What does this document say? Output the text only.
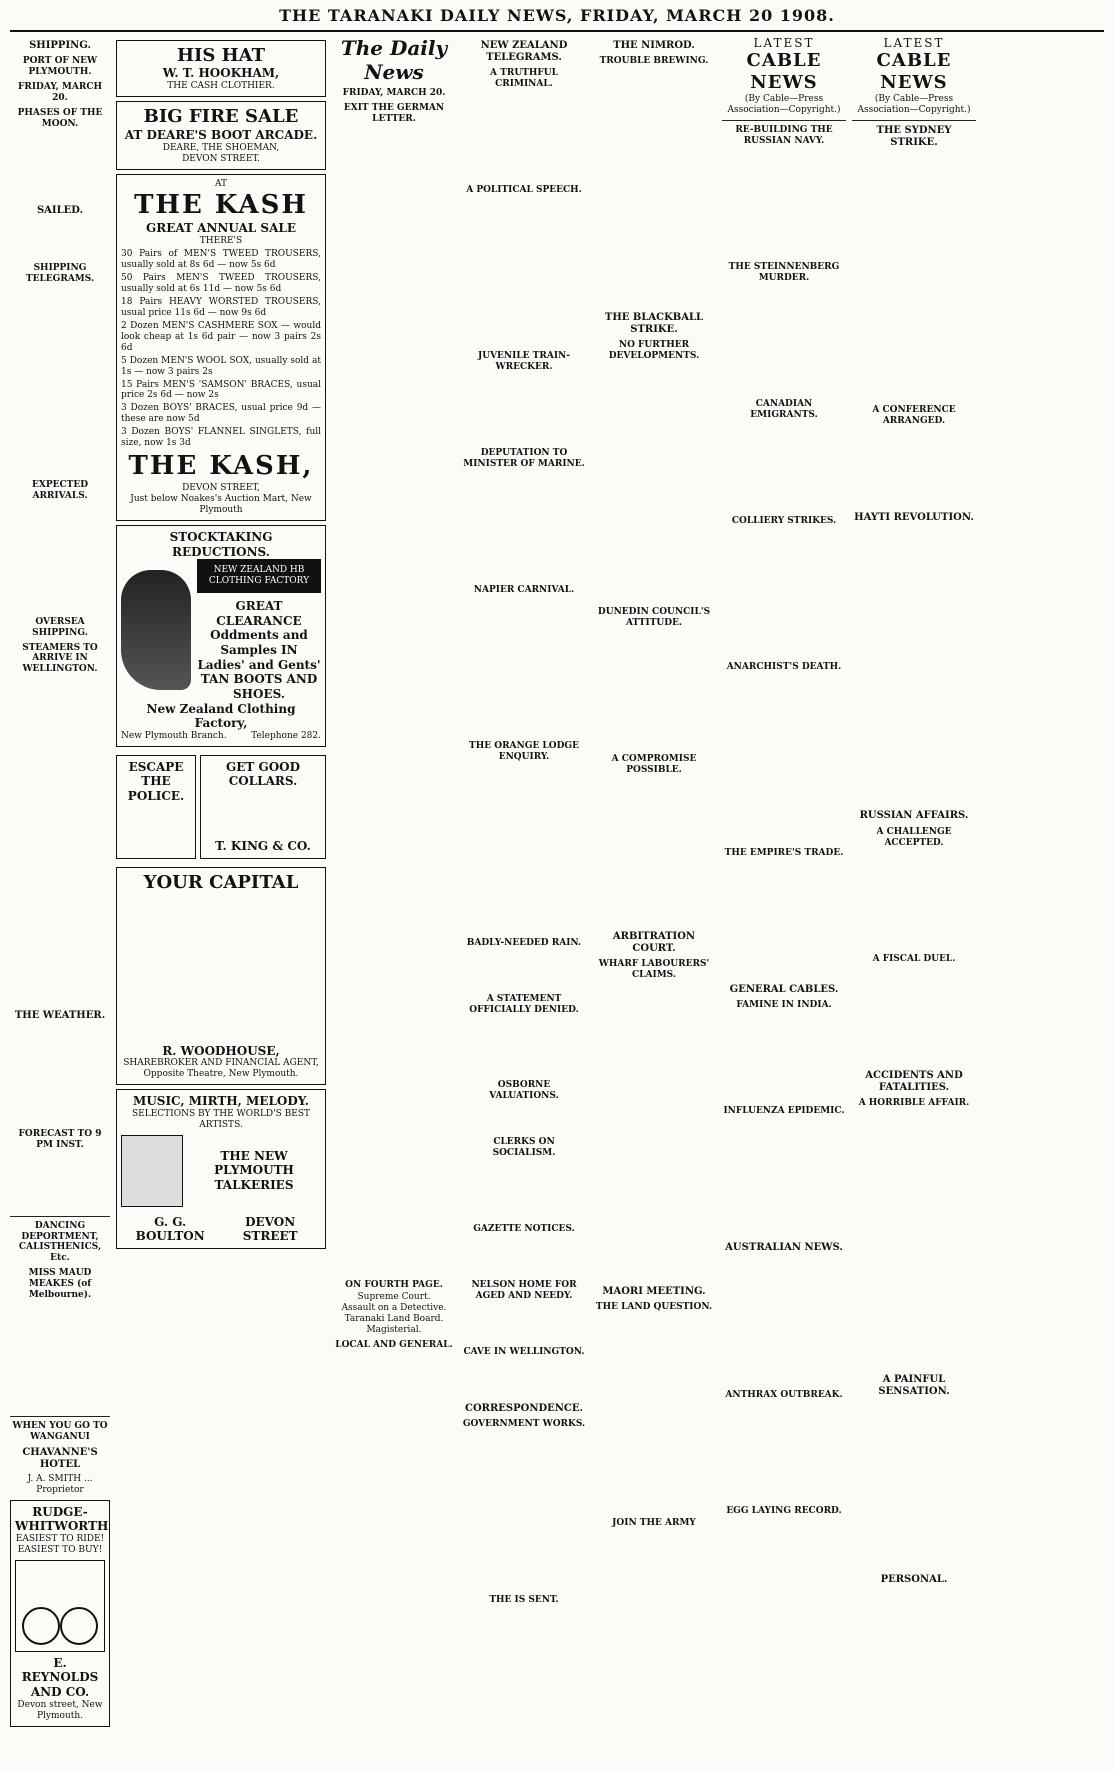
THE TARANAKI DAILY NEWS, FRIDAY, MARCH 20 1908.
SHIPPING.
PORT OF NEW PLYMOUTH.
FRIDAY, MARCH 20.
PHASES OF THE MOON.
SAILED.
SHIPPING TELEGRAMS.
EXPECTED ARRIVALS.
OVERSEA SHIPPING.
STEAMERS TO ARRIVE IN WELLINGTON.
THE WEATHER.
FORECAST TO 9 PM INST.
DANCING DEPORTMENT, CALISTHENICS, Etc.
MISS MAUD MEAKES (of Melbourne).
WHEN YOU GO TO WANGANUI
CHAVANNE'S HOTEL

J. A. SMITH ... Proprietor

RUDGE-WHITWORTH
EASIEST TO RIDE! EASIEST TO BUY!
E. REYNOLDS AND CO.
Devon street, New Plymouth.
HIS HAT
W. T. HOOKHAM,
THE CASH CLOTHIER.
BIG FIRE SALE
AT DEARE'S BOOT ARCADE.
DEARE, THE SHOEMAN,
DEVON STREET.
AT
THE KASH
GREAT ANNUAL SALE
THERE'S

30 Pairs of MEN'S TWEED TROUSERS, usually sold at 8s 6d — now 5s 6d

50 Pairs MEN'S TWEED TROUSERS, usually sold at 6s 11d — now 5s 6d

18 Pairs HEAVY WORSTED TROUSERS, usual price 11s 6d — now 9s 6d

2 Dozen MEN'S CASHMERE SOX — would look cheap at 1s 6d pair — now 3 pairs 2s 6d

5 Dozen MEN'S WOOL SOX, usually sold at 1s — now 3 pairs 2s

15 Pairs MEN'S 'SAMSON' BRACES, usual price 2s 6d — now 2s

3 Dozen BOYS' BRACES, usual price 9d — these are now 5d

3 Dozen BOYS' FLANNEL SINGLETS, full size, now 1s 3d

THE KASH,
DEVON STREET,
Just below Noakes's Auction Mart, New Plymouth
STOCKTAKING REDUCTIONS.
NEW ZEALAND HB CLOTHING FACTORY
GREAT CLEARANCE Oddments and Samples IN Ladies' and Gents' TAN BOOTS AND SHOES.
New Zealand Clothing Factory,
New Plymouth Branch.	Telephone 282.
ESCAPE THE POLICE.
GET GOOD COLLARS.
T. KING & CO.
YOUR CAPITAL
R. WOODHOUSE,
SHAREBROKER AND FINANCIAL AGENT,
Opposite Theatre, New Plymouth.
MUSIC, MIRTH, MELODY.
SELECTIONS BY THE WORLD'S BEST ARTISTS.
THE NEW PLYMOUTH TALKERIES
G. G. BOULTON
DEVON STREET
The Daily News
FRIDAY, MARCH 20.
EXIT THE GERMAN LETTER.
ON FOURTH PAGE.
Supreme Court.
Assault on a Detective.
Taranaki Land Board.
Magisterial.
LOCAL AND GENERAL.
NEW ZEALAND TELEGRAMS.
A TRUTHFUL CRIMINAL.
A POLITICAL SPEECH.
JUVENILE TRAIN-WRECKER.
DEPUTATION TO MINISTER OF MARINE.
NAPIER CARNIVAL.
THE ORANGE LODGE ENQUIRY.
BADLY-NEEDED RAIN.
A STATEMENT OFFICIALLY DENIED.
OSBORNE VALUATIONS.
CLERKS ON SOCIALISM.
GAZETTE NOTICES.
NELSON HOME FOR AGED AND NEEDY.
CAVE IN WELLINGTON.
CORRESPONDENCE.
GOVERNMENT WORKS.
THE IS SENT.
THE NIMROD.
TROUBLE BREWING.
THE BLACKBALL STRIKE.
NO FURTHER DEVELOPMENTS.
DUNEDIN COUNCIL'S ATTITUDE.
A COMPROMISE POSSIBLE.
ARBITRATION COURT.
WHARF LABOURERS' CLAIMS.
MAORI MEETING.
THE LAND QUESTION.
JOIN THE ARMY
LATEST
CABLE NEWS
(By Cable—Press Association—Copyright.)
RE-BUILDING THE RUSSIAN NAVY.
THE STEINNENBERG MURDER.
CANADIAN EMIGRANTS.
COLLIERY STRIKES.
ANARCHIST'S DEATH.
THE EMPIRE'S TRADE.
GENERAL CABLES.
FAMINE IN INDIA.
INFLUENZA EPIDEMIC.
AUSTRALIAN NEWS.
ANTHRAX OUTBREAK.
EGG LAYING RECORD.
LATEST
CABLE NEWS
(By Cable—Press Association—Copyright.)
THE SYDNEY STRIKE.
A CONFERENCE ARRANGED.
HAYTI REVOLUTION.
RUSSIAN AFFAIRS.
A CHALLENGE ACCEPTED.
A FISCAL DUEL.
ACCIDENTS AND FATALITIES.
A HORRIBLE AFFAIR.
A PAINFUL SENSATION.
PERSONAL.
